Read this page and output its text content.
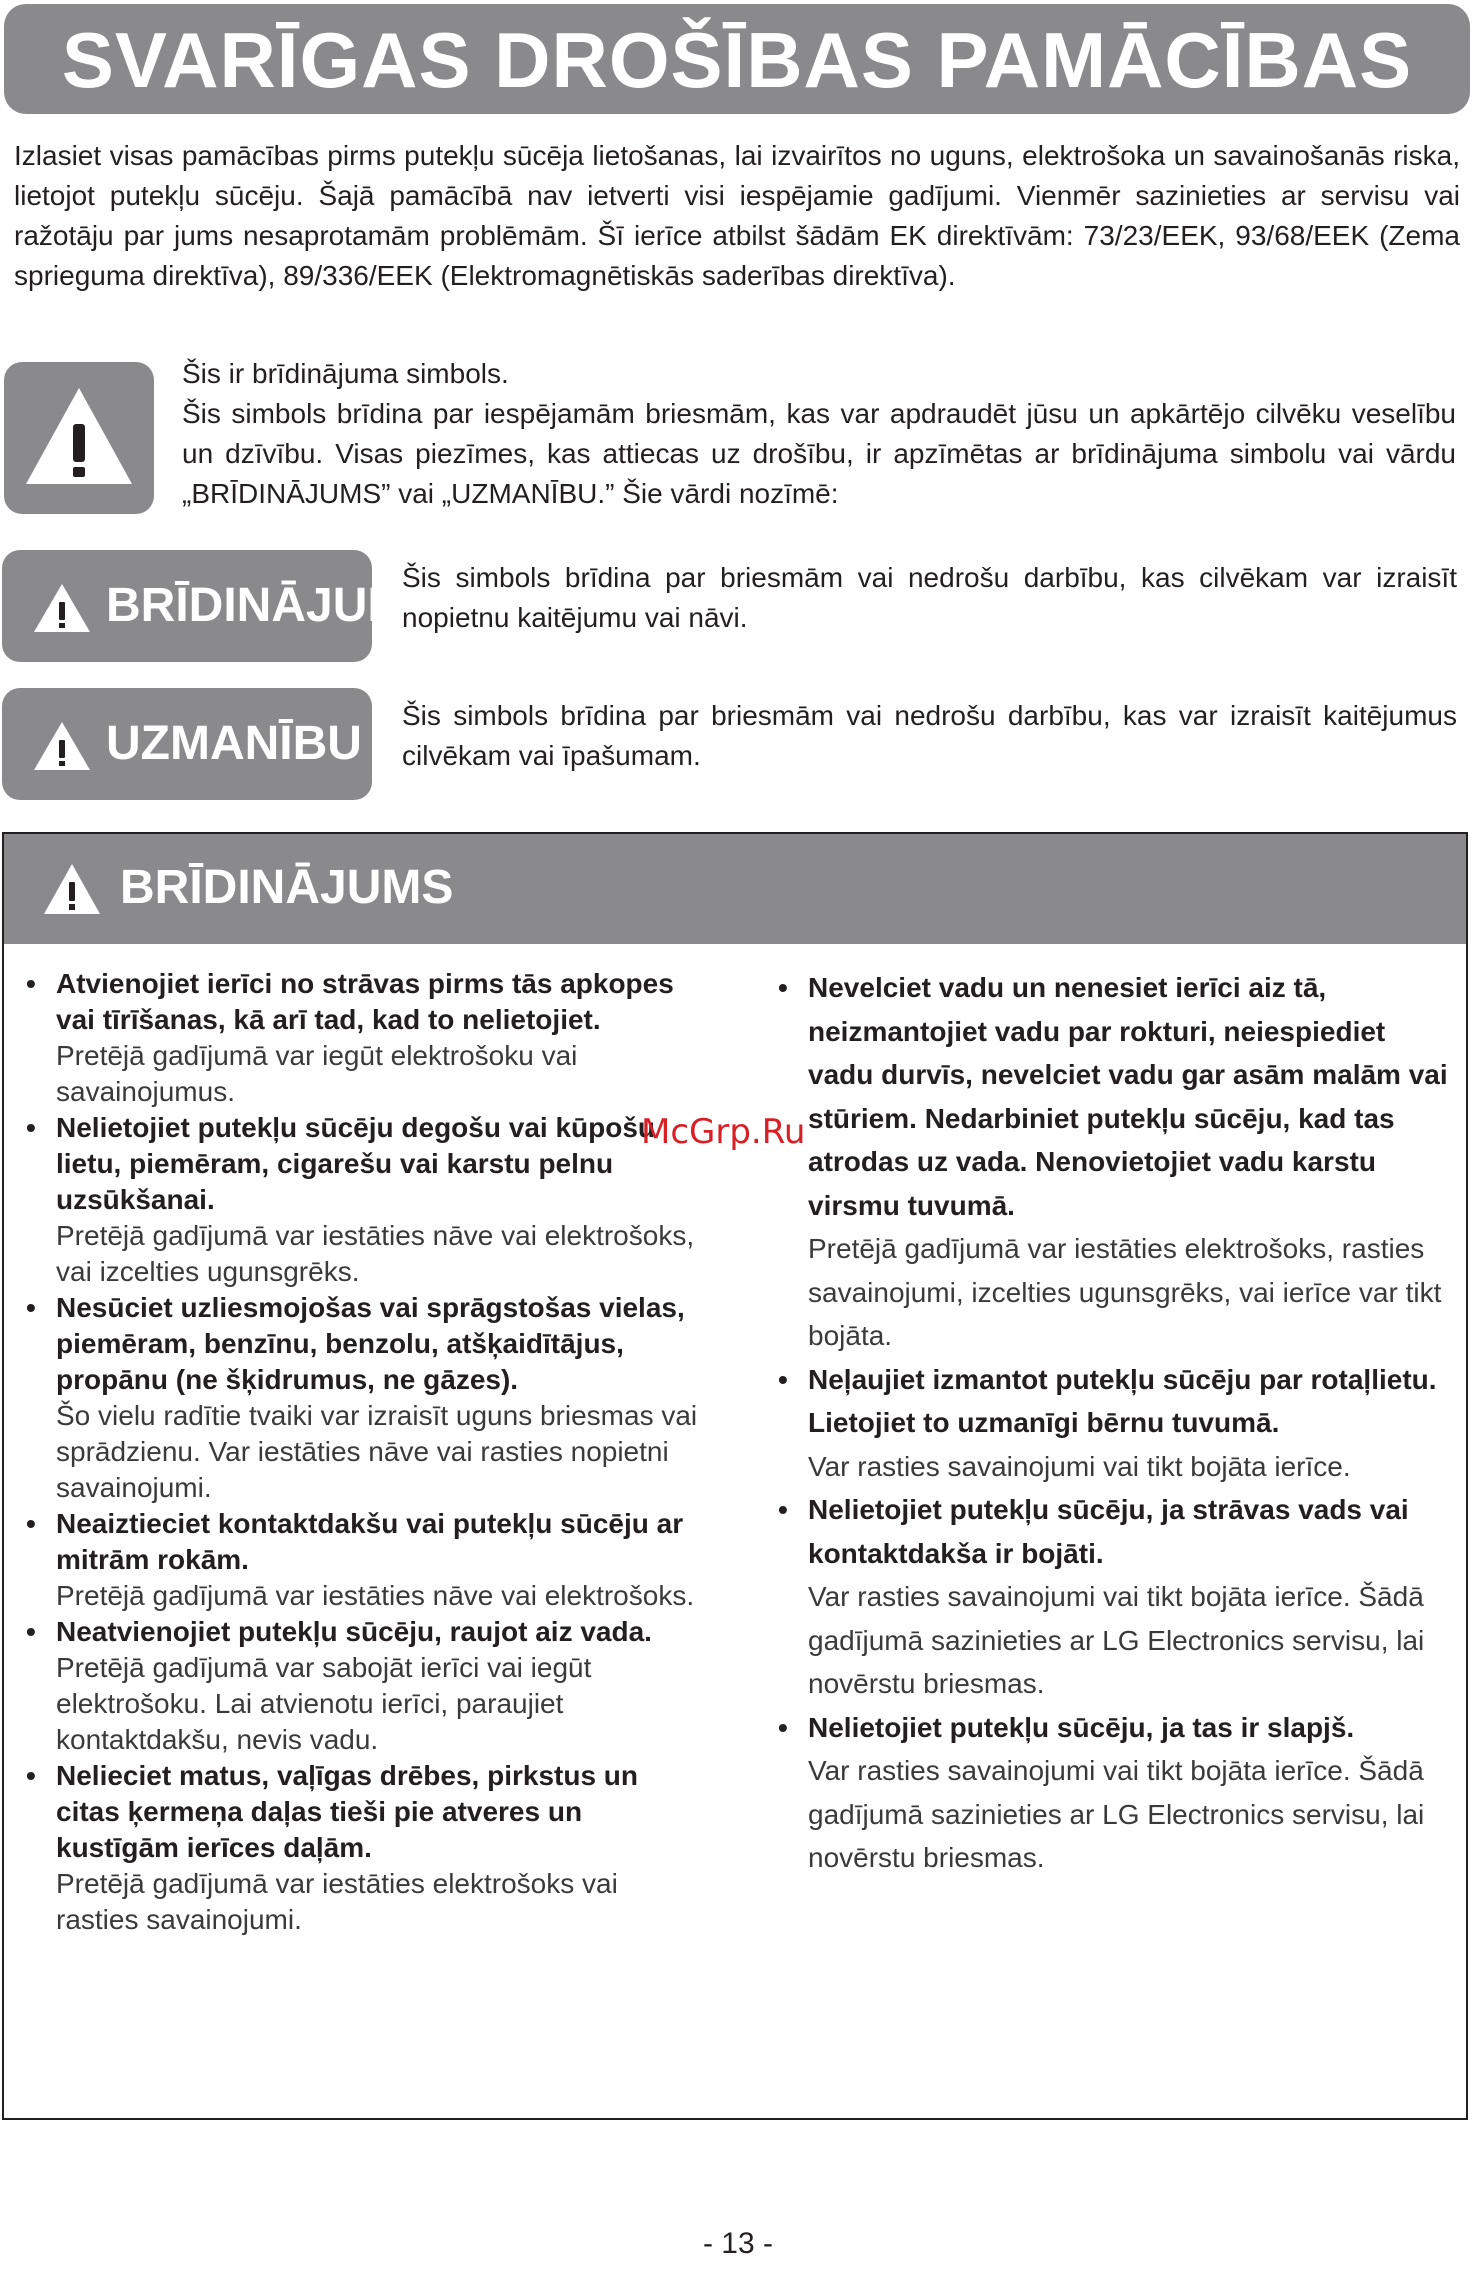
SVARĪGAS DROŠĪBAS PAMĀCĪBAS

Izlasiet visas pamācības pirms putekļu sūcēja lietošanas, lai izvairītos no uguns, elektrošoka un savainošanās riska, lietojot putekļu sūcēju. Šajā pamācībā nav ietverti visi iespējamie gadījumi. Vienmēr sazinieties ar servisu vai ražotāju par jums nesaprotamām problēmām. Šī ierīce atbilst šādām EK direktīvām: 73/23/EEK, 93/68/EEK (Zema sprieguma direktīva), 89/336/EEK (Elektromagnētiskās saderības direktīva).

Šis ir brīdinājuma simbols.

Šis simbols brīdina par iespējamām briesmām, kas var apdraudēt jūsu un apkārtējo cilvēku veselību un dzīvību. Visas piezīmes, kas attiecas uz drošību, ir apzīmētas ar brīdinājuma simbolu vai vārdu „BRĪDINĀJUMS” vai „UZMANĪBU.” Šie vārdi nozīmē:

BRĪDINĀJUMS

Šis simbols brīdina par briesmām vai nedrošu darbību, kas cilvēkam var izraisīt nopietnu kaitējumu vai nāvi.

UZMANĪBU

Šis simbols brīdina par briesmām vai nedrošu darbību, kas var izraisīt kaitējumus cilvēkam vai īpašumam.

BRĪDINĀJUMS
• Atvienojiet ierīci no strāvas pirms tās apkopes vai tīrīšanas, kā arī tad, kad to nelietojiet.
Pretējā gadījumā var iegūt elektrošoku vai savainojumus.
• Nelietojiet putekļu sūcēju degošu vai kūpošu lietu, piemēram, cigarešu vai karstu pelnu uzsūkšanai.
Pretējā gadījumā var iestāties nāve vai elektrošoks, vai izcelties ugunsgrēks.
• Nesūciet uzliesmojošas vai sprāgstošas vielas, piemēram, benzīnu, benzolu, atšķaidītājus, propānu (ne šķidrumus, ne gāzes).
Šo vielu radītie tvaiki var izraisīt uguns briesmas vai sprādzienu. Var iestāties nāve vai rasties nopietni savainojumi.
• Neaiztieciet kontaktdakšu vai putekļu sūcēju ar mitrām rokām.
Pretējā gadījumā var iestāties nāve vai elektrošoks.
• Neatvienojiet putekļu sūcēju, raujot aiz vada.
Pretējā gadījumā var sabojāt ierīci vai iegūt elektrošoku. Lai atvienotu ierīci, paraujiet kontaktdakšu, nevis vadu.
• Nelieciet matus, vaļīgas drēbes, pirkstus un citas ķermeņa daļas tieši pie atveres un kustīgām ierīces daļām.
Pretējā gadījumā var iestāties elektrošoks vai rasties savainojumi.
• Nevelciet vadu un nenesiet ierīci aiz tā, neizmantojiet vadu par rokturi, neiespiediet vadu durvīs, nevelciet vadu gar asām malām vai stūriem. Nedarbiniet putekļu sūcēju, kad tas atrodas uz vada. Nenovietojiet vadu karstu virsmu tuvumā.
Pretējā gadījumā var iestāties elektrošoks, rasties savainojumi, izcelties ugunsgrēks, vai ierīce var tikt bojāta.
• Neļaujiet izmantot putekļu sūcēju par rotaļlietu. Lietojiet to uzmanīgi bērnu tuvumā.
Var rasties savainojumi vai tikt bojāta ierīce.
• Nelietojiet putekļu sūcēju, ja strāvas vads vai kontaktdakša ir bojāti.
Var rasties savainojumi vai tikt bojāta ierīce. Šādā gadījumā sazinieties ar LG Electronics servisu, lai novērstu briesmas.
• Nelietojiet putekļu sūcēju, ja tas ir slapjš.
Var rasties savainojumi vai tikt bojāta ierīce. Šādā gadījumā sazinieties ar LG Electronics servisu, lai novērstu briesmas.
McGrp.Ru
- 13 -
